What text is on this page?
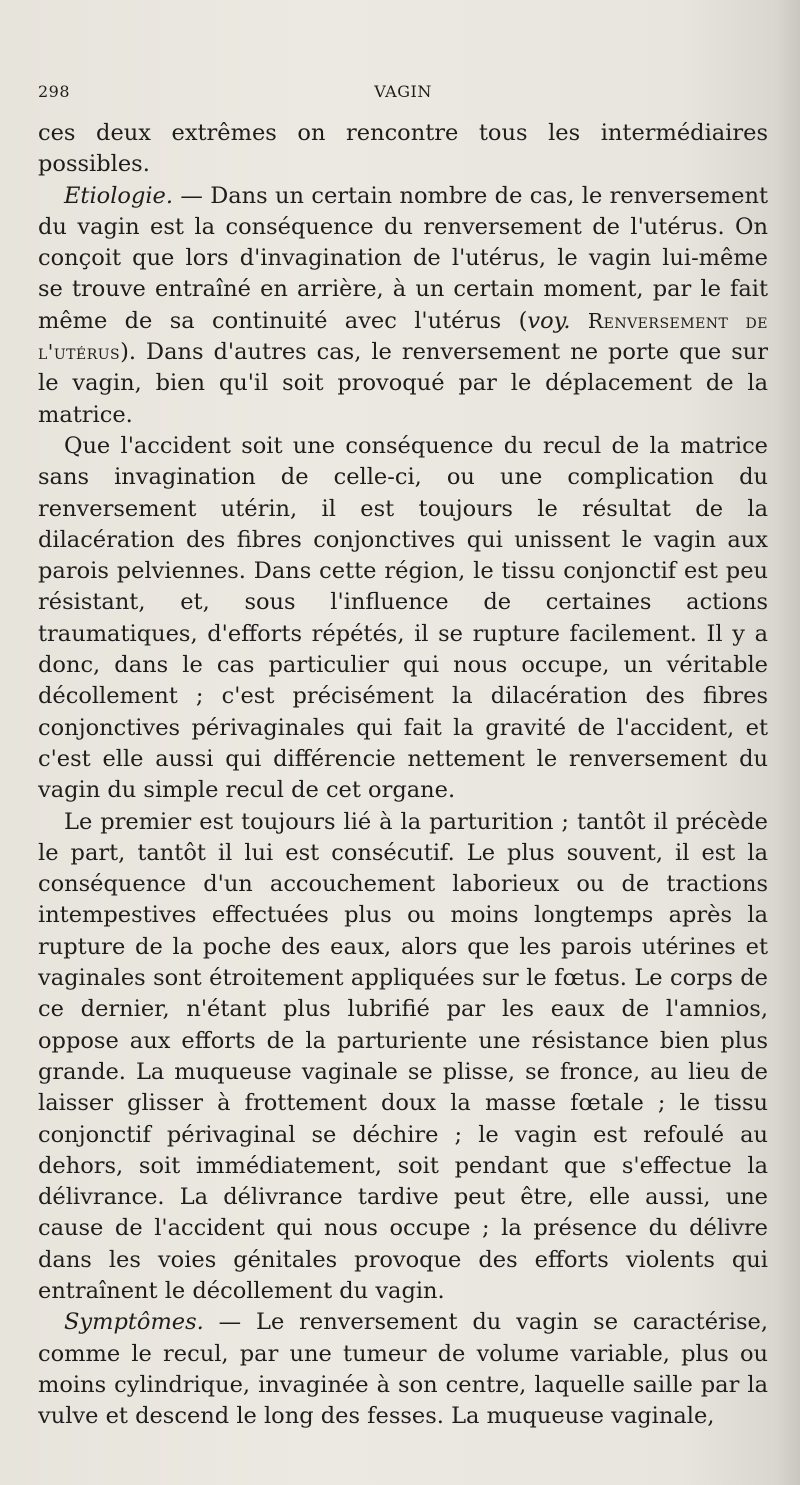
298	VAGIN

ces deux extrêmes on rencontre tous les intermédiaires possibles.

Etiologie. — Dans un certain nombre de cas, le renversement du vagin est la conséquence du renversement de l'utérus. On conçoit que lors d'invagination de l'utérus, le vagin lui-même se trouve entraîné en arrière, à un certain moment, par le fait même de sa continuité avec l'utérus (voy. Renversement de l'utérus). Dans d'autres cas, le renversement ne porte que sur le vagin, bien qu'il soit provoqué par le déplacement de la matrice.

Que l'accident soit une conséquence du recul de la matrice sans invagination de celle-ci, ou une complication du renversement utérin, il est toujours le résultat de la dilacération des fibres conjonctives qui unissent le vagin aux parois pelviennes. Dans cette région, le tissu conjonctif est peu résistant, et, sous l'influence de certaines actions traumatiques, d'efforts répétés, il se rupture facilement. Il y a donc, dans le cas particulier qui nous occupe, un véritable décollement ; c'est précisément la dilacération des fibres conjonctives périvaginales qui fait la gravité de l'accident, et c'est elle aussi qui différencie nettement le renversement du vagin du simple recul de cet organe.

Le premier est toujours lié à la parturition ; tantôt il précède le part, tantôt il lui est consécutif. Le plus souvent, il est la conséquence d'un accouchement laborieux ou de tractions intempestives effectuées plus ou moins longtemps après la rupture de la poche des eaux, alors que les parois utérines et vaginales sont étroitement appliquées sur le fœtus. Le corps de ce dernier, n'étant plus lubrifié par les eaux de l'amnios, oppose aux efforts de la parturiente une résistance bien plus grande. La muqueuse vaginale se plisse, se fronce, au lieu de laisser glisser à frottement doux la masse fœtale ; le tissu conjonctif périvaginal se déchire ; le vagin est refoulé au dehors, soit immédiatement, soit pendant que s'effectue la délivrance. La délivrance tardive peut être, elle aussi, une cause de l'accident qui nous occupe ; la présence du délivre dans les voies génitales provoque des efforts violents qui entraînent le décollement du vagin.

Symptômes. — Le renversement du vagin se caractérise, comme le recul, par une tumeur de volume variable, plus ou moins cylindrique, invaginée à son centre, laquelle saille par la vulve et descend le long des fesses. La muqueuse vaginale,
